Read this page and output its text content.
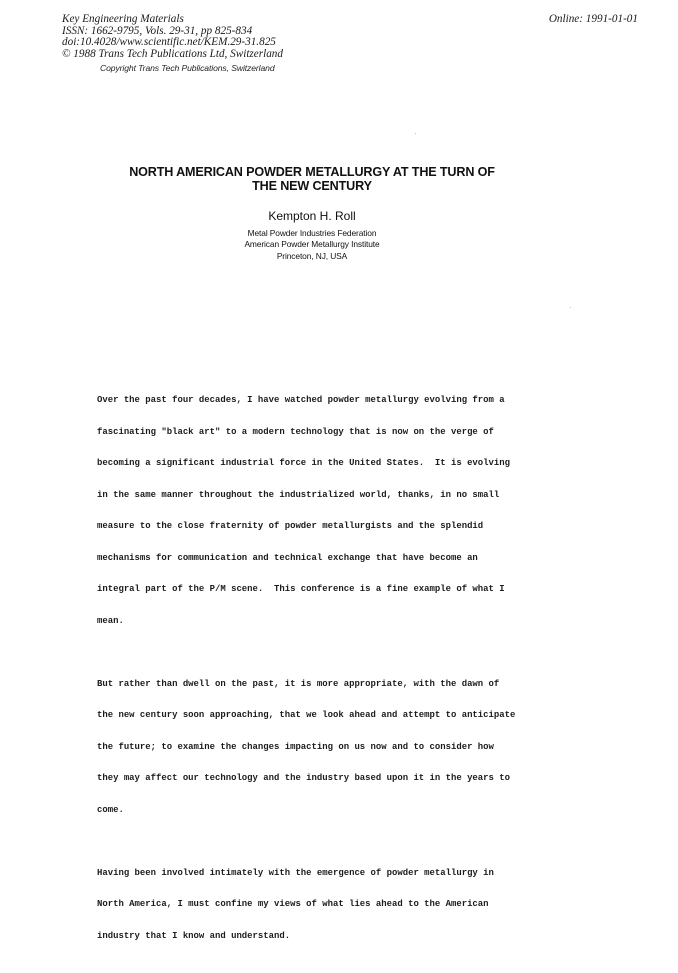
Key Engineering Materials
ISSN: 1662-9795, Vols. 29-31, pp 825-834
doi:10.4028/www.scientific.net/KEM.29-31.825
© 1988 Trans Tech Publications Ltd, Switzerland
Online: 1991-01-01
Copyright Trans Tech Publications, Switzerland
NORTH AMERICAN POWDER METALLURGY AT THE TURN OF
THE NEW CENTURY
Kempton H. Roll
Metal Powder Industries Federation
American Powder Metallurgy Institute
Princeton, NJ, USA

Over the past four decades, I have watched powder metallurgy evolving from a

fascinating "black art" to a modern technology that is now on the verge of

becoming a significant industrial force in the United States.  It is evolving

in the same manner throughout the industrialized world, thanks, in no small

measure to the close fraternity of powder metallurgists and the splendid

mechanisms for communication and technical exchange that have become an

integral part of the P/M scene.  This conference is a fine example of what I

mean.

But rather than dwell on the past, it is more appropriate, with the dawn of

the new century soon approaching, that we look ahead and attempt to anticipate

the future; to examine the changes impacting on us now and to consider how

they may affect our technology and the industry based upon it in the years to

come.

Having been involved intimately with the emergence of powder metallurgy in

North America, I must confine my views of what lies ahead to the American

industry that I know and understand.
